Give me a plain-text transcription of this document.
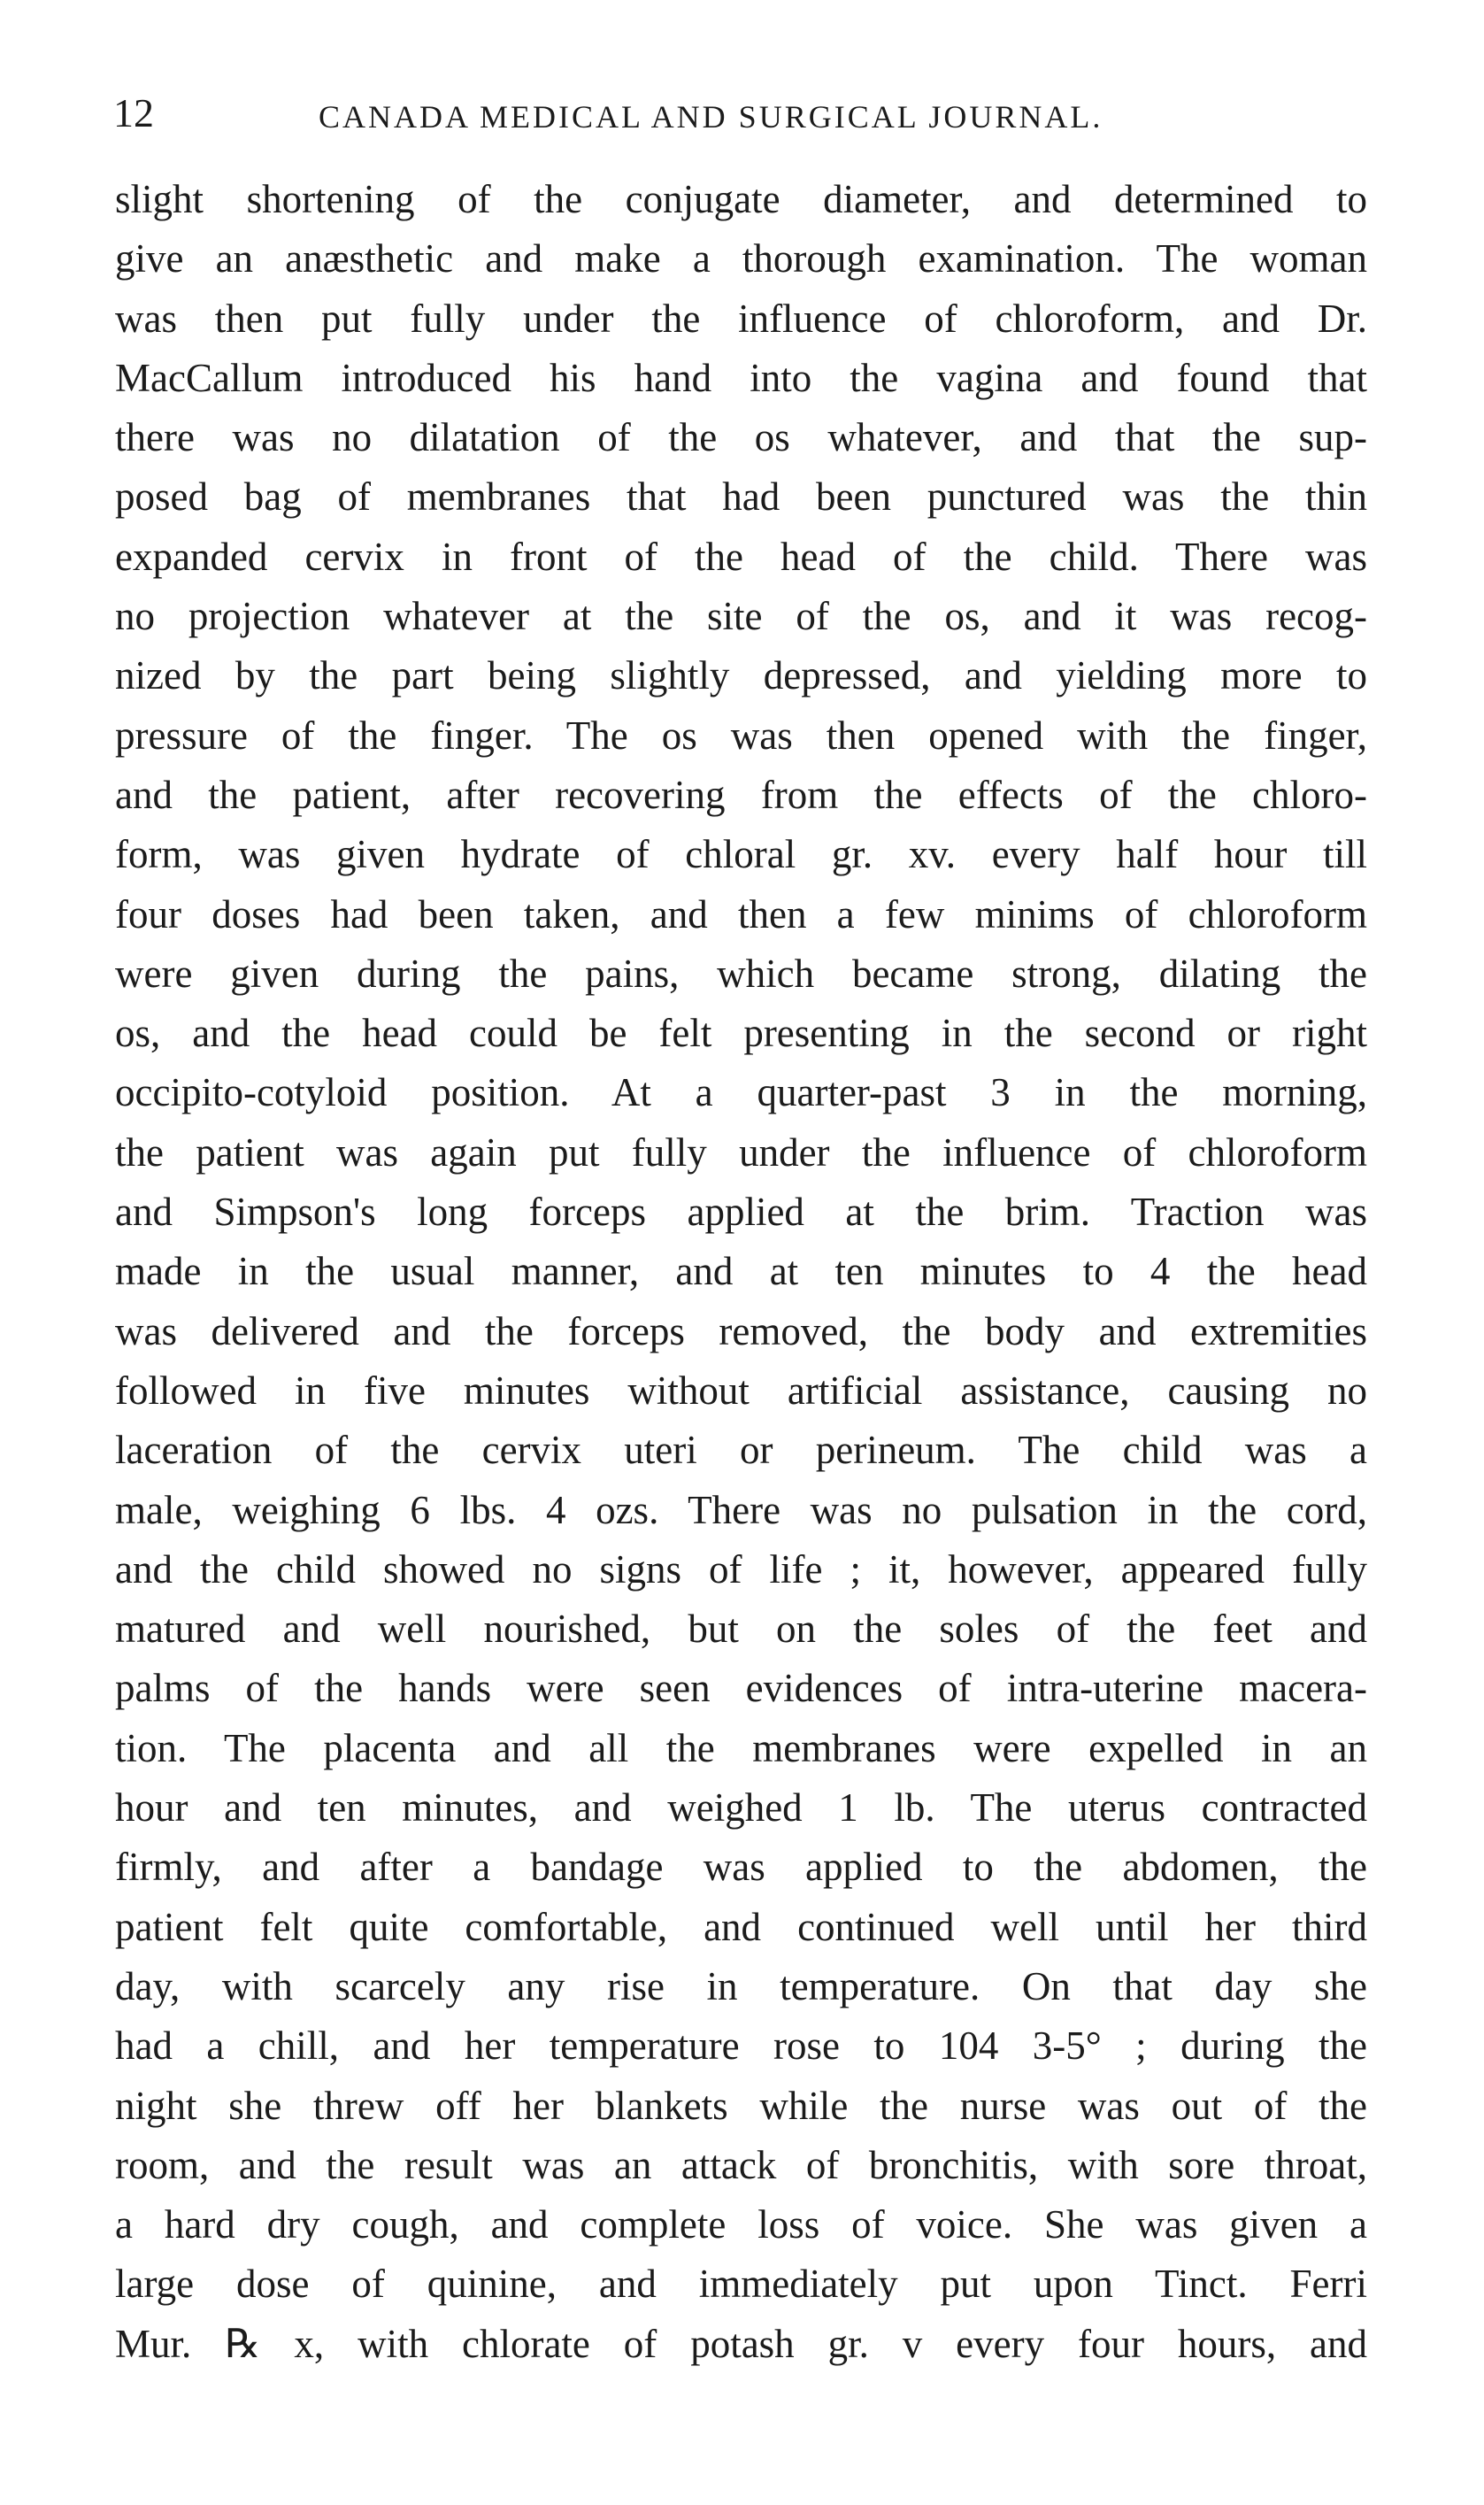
12	CANADA MEDICAL AND SURGICAL JOURNAL.
slight shortening of the conjugate diameter, and determined to
give an anæsthetic and make a thorough examination. The woman
was then put fully under the influence of chloroform, and Dr.
MacCallum introduced his hand into the vagina and found that
there was no dilatation of the os whatever, and that the sup-
posed bag of membranes that had been punctured was the thin
expanded cervix in front of the head of the child. There was
no projection whatever at the site of the os, and it was recog-
nized by the part being slightly depressed, and yielding more to
pressure of the finger. The os was then opened with the finger,
and the patient, after recovering from the effects of the chloro-
form, was given hydrate of chloral gr. xv. every half hour till
four doses had been taken, and then a few minims of chloroform
were given during the pains, which became strong, dilating the
os, and the head could be felt presenting in the second or right
occipito-cotyloid position. At a quarter-past 3 in the morning,
the patient was again put fully under the influence of chloroform
and Simpson's long forceps applied at the brim. Traction was
made in the usual manner, and at ten minutes to 4 the head
was delivered and the forceps removed, the body and extremities
followed in five minutes without artificial assistance, causing no
laceration of the cervix uteri or perineum. The child was a
male, weighing 6 lbs. 4 ozs. There was no pulsation in the cord,
and the child showed no signs of life ; it, however, appeared fully
matured and well nourished, but on the soles of the feet and
palms of the hands were seen evidences of intra-uterine macera-
tion. The placenta and all the membranes were expelled in an
hour and ten minutes, and weighed 1 lb. The uterus contracted
firmly, and after a bandage was applied to the abdomen, the
patient felt quite comfortable, and continued well until her third
day, with scarcely any rise in temperature. On that day she
had a chill, and her temperature rose to 104 3-5° ; during the
night she threw off her blankets while the nurse was out of the
room, and the result was an attack of bronchitis, with sore throat,
a hard dry cough, and complete loss of voice. She was given a
large dose of quinine, and immediately put upon Tinct. Ferri
Mur. ℞ x, with chlorate of potash gr. v every four hours, and
